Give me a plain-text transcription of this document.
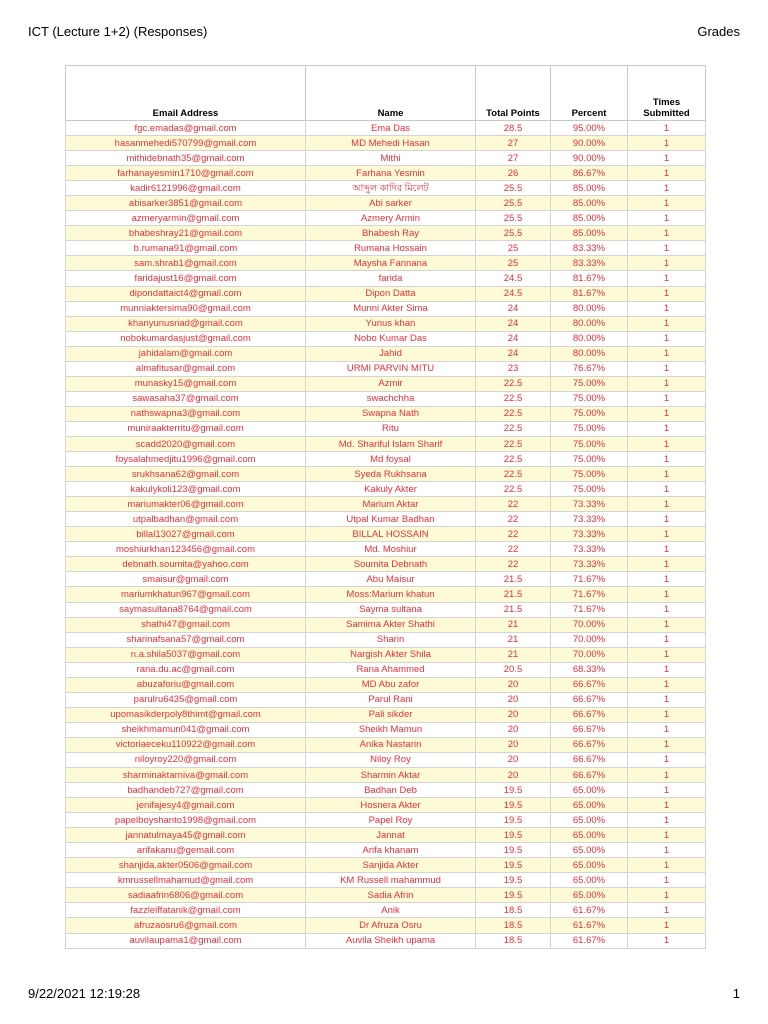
ICT (Lecture 1+2) (Responses)	Grades
Email Address	Name	Total Points	Percent	Times Submitted
fgc.emadas@gmail.com	Ema Das	28.5	95.00%	1
hasanmehedi570799@gmail.com	MD Mehedi Hasan	27	90.00%	1
mithidebnath35@gmail.com	Mithi	27	90.00%	1
farhanayesmin1710@gmail.com	Farhana Yesmin	26	86.67%	1
kadir6121996@gmail.com	আব্দুল কাদির মিলেট	25.5	85.00%	1
abisarker3851@gmail.com	Abi sarker	25.5	85.00%	1
azmeryarmin@gmail.com	Azmery Armin	25.5	85.00%	1
bhabeshray21@gmail.com	Bhabesh Ray	25.5	85.00%	1
b.rumana91@gmail.com	Rumana Hossain	25	83.33%	1
sam.shrab1@gmail.com	Maysha Fannana	25	83.33%	1
faridajust16@gmail.com	farida	24.5	81.67%	1
dipondattaict4@gmail.com	Dipon Datta	24.5	81.67%	1
munniaktersima90@gmail.com	Munni Akter Sima	24	80.00%	1
khanyunusriad@gmail.com	Yunus khan	24	80.00%	1
nobokumardasjust@gmail.com	Nobo Kumar Das	24	80.00%	1
jahidalam@gmail.com	Jahid	24	80.00%	1
almafitusar@gmail.com	URMI PARVIN MITU	23	76.67%	1
munasky15@gmail.com	Azmir	22.5	75.00%	1
sawasaha37@gmail.com	swachchha	22.5	75.00%	1
nathswapna3@gmail.com	Swapna Nath	22.5	75.00%	1
muniraakterritu@gmail.com	Ritu	22.5	75.00%	1
scadd2020@gmail.com	Md. Shariful Islam Sharif	22.5	75.00%	1
foysalahmedjitu1996@gmail.com	Md foysal	22.5	75.00%	1
srukhsana62@gmail.com	Syeda Rukhsana	22.5	75.00%	1
kakulykoli123@gmail.com	Kakuly Akter	22.5	75.00%	1
mariumakter06@gmail.com	Marium Aktar	22	73.33%	1
utpalbadhan@gmail.com	Utpal Kumar Badhan	22	73.33%	1
billal13027@gmail.com	BILLAL HOSSAIN	22	73.33%	1
moshiurkhan123456@gmail.com	Md. Moshiur	22	73.33%	1
debnath.soumita@yahoo.com	Soumita Debnath	22	73.33%	1
smaisur@gmail.com	Abu Maisur	21.5	71.67%	1
mariumkhatun967@gmail.com	Moss:Marium khatun	21.5	71.67%	1
saymasultana8764@gmail.com	Sayma sultana	21.5	71.67%	1
shathi47@gmail.com	Samima Akter Shathi	21	70.00%	1
sharinafsana57@gmail.com	Sharin	21	70.00%	1
n.a.shila5037@gmail.com	Nargish Akter Shila	21	70.00%	1
rana.du.ac@gmail.com	Rana Ahammed	20.5	68.33%	1
abuzaforiu@gmail.com	MD Abu zafor	20	66.67%	1
parulru6435@gmail.com	Parul Rani	20	66.67%	1
upomasikderpoly8thimt@gmail.com	Pali sikder	20	66.67%	1
sheikhmamun041@gmail.com	Sheikh Mamun	20	66.67%	1
victoriaeceku110922@gmail.com	Anika Nastarin	20	66.67%	1
niloyroy220@gmail.com	Niloy Roy	20	66.67%	1
sharminaktarniva@gmail.com	Sharmin Aktar	20	66.67%	1
badhandeb727@gmail.com	Badhan Deb	19.5	65.00%	1
jenifajesy4@gmail.com	Hosnera Akter	19.5	65.00%	1
papelboyshanto1998@gmail.com	Papel Roy	19.5	65.00%	1
jannatulmaya45@gmail.com	Jannat	19.5	65.00%	1
arifakanu@gemail.com	Arifa khanam	19.5	65.00%	1
shanjida.akter0506@gmail.com	Sanjida Akter	19.5	65.00%	1
kmrussellmahamud@gmail.com	KM Russell mahammud	19.5	65.00%	1
sadiaafrin6806@gmail.com	Sadia Afrin	19.5	65.00%	1
fazzleiffatanik@gmail.com	Anik	18.5	61.67%	1
afruzaosru6@gmail.com	Dr Afruza Osru	18.5	61.67%	1
auvilaupama1@gmail.com	Auvila Sheikh upama	18.5	61.67%	1
9/22/2021 12:19:28	1
